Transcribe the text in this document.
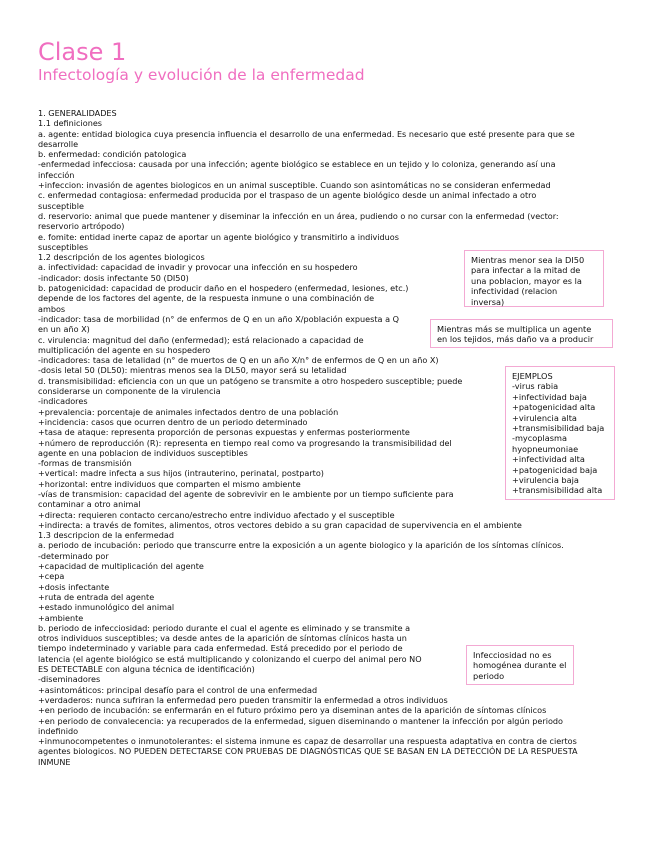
Clase 1
Infectología y evolución de la enfermedad
1. GENERALIDADES
1.1 definiciones
a. agente: entidad biologica cuya presencia influencia el desarrollo de una enfermedad. Es necesario que esté presente para que se
desarrolle
b. enfermedad: condición patologica
-enfermedad infecciosa: causada por una infección; agente biológico se establece en un tejido y lo coloniza, generando así una
infección
+infeccion: invasión de agentes biologicos en un animal susceptible. Cuando son asintomáticas no se consideran enfermedad
c. enfermedad contagiosa: enfermedad producida por el traspaso de un agente biológico desde un animal infectado a otro
susceptible
d. reservorio: animal que puede mantener y diseminar la infección en un área, pudiendo o no cursar con la enfermedad (vector:
reservorio artrópodo)
e. fomite: entidad inerte capaz de aportar un agente biológico y transmitirlo a individuos
susceptibles
1.2 descripción de los agentes biologicos
a. infectividad: capacidad de invadir y provocar una infección en su hospedero
-indicador: dosis infectante 50 (DI50)
b. patogenicidad: capacidad de producir daño en el hospedero (enfermedad, lesiones, etc.)
depende de los factores del agente, de la respuesta inmune o una combinación de
ambos
-indicador: tasa de morbilidad (n° de enfermos de Q en un año X/población expuesta a Q
en un año X)
c. virulencia: magnitud del daño (enfermedad); está relacionado a capacidad de
multiplicación del agente en su hospedero
-indicadores: tasa de letalidad (n° de muertos de Q en un año X/n° de enfermos de Q en un año X)
-dosis letal 50 (DL50): mientras menos sea la DL50, mayor será su letalidad
d. transmisibilidad: eficiencia con un que un patógeno se transmite a otro hospedero susceptible; puede
considerarse un componente de la virulencia
-indicadores
+prevalencia: porcentaje de animales infectados dentro de una población
+incidencia: casos que ocurren dentro de un periodo determinado
+tasa de ataque: representa proporción de personas expuestas y enfermas posteriormente
+número de reproducción (R): representa en tiempo real como va progresando la transmisibilidad del
agente en una poblacion de individuos susceptibles
-formas de transmisión
+vertical: madre infecta a sus hijos (intrauterino, perinatal, postparto)
+horizontal: entre individuos que comparten el mismo ambiente
-vías de transmision: capacidad del agente de sobrevivir en le ambiente por un tiempo suficiente para
contaminar a otro animal
+directa: requieren contacto cercano/estrecho entre individuo afectado y el susceptible
+indirecta: a través de fomites, alimentos, otros vectores debido a su gran capacidad de supervivencia en el ambiente
1.3 descripcion de la enfermedad
a. periodo de incubación: periodo que transcurre entre la exposición a un agente biologico y la aparición de los síntomas clínicos.
-determinado por
+capacidad de multiplicación del agente
+cepa
+dosis infectante
+ruta de entrada del agente
+estado inmunológico del animal
+ambiente
b. periodo de infecciosidad: periodo durante el cual el agente es eliminado y se transmite a
otros individuos susceptibles; va desde antes de la aparición de síntomas clínicos hasta un
tiempo indeterminado y variable para cada enfermedad. Está precedido por el periodo de
latencia (el agente biológico se está multiplicando y colonizando el cuerpo del animal pero NO
ES DETECTABLE con alguna técnica de identificación)
-diseminadores
+asintomáticos: principal desafío para el control de una enfermedad
+verdaderos: nunca sufriran la enfermedad pero pueden transmitir la enfermedad a otros individuos
+en periodo de incubación: se enfermarán en el futuro próximo pero ya diseminan antes de la aparición de síntomas clínicos
+en periodo de convalecencia: ya recuperados de la enfermedad, siguen diseminando o mantener la infección por algún periodo
indefinido
+inmunocompetentes o inmunotolerantes: el sistema inmune es capaz de desarrollar una respuesta adaptativa en contra de ciertos
agentes biologicos. NO PUEDEN DETECTARSE CON PRUEBAS DE DIAGNÓSTICAS QUE SE BASAN EN LA DETECCIÓN DE LA RESPUESTA
INMUNE
Mientras menor sea la DI50
para infectar a la mitad de
una poblacion, mayor es la
infectividad (relacion
inversa)
Mientras más se multiplica un agente
en los tejidos, más daño va a producir
EJEMPLOS
-virus rabia
+infectividad baja
+patogenicidad alta
+virulencia alta
+transmisibilidad baja
-mycoplasma
hyopneumoniae
+infectividad alta
+patogenicidad baja
+virulencia baja
+transmisibilidad alta
Infecciosidad no es
homogénea durante el
periodo
